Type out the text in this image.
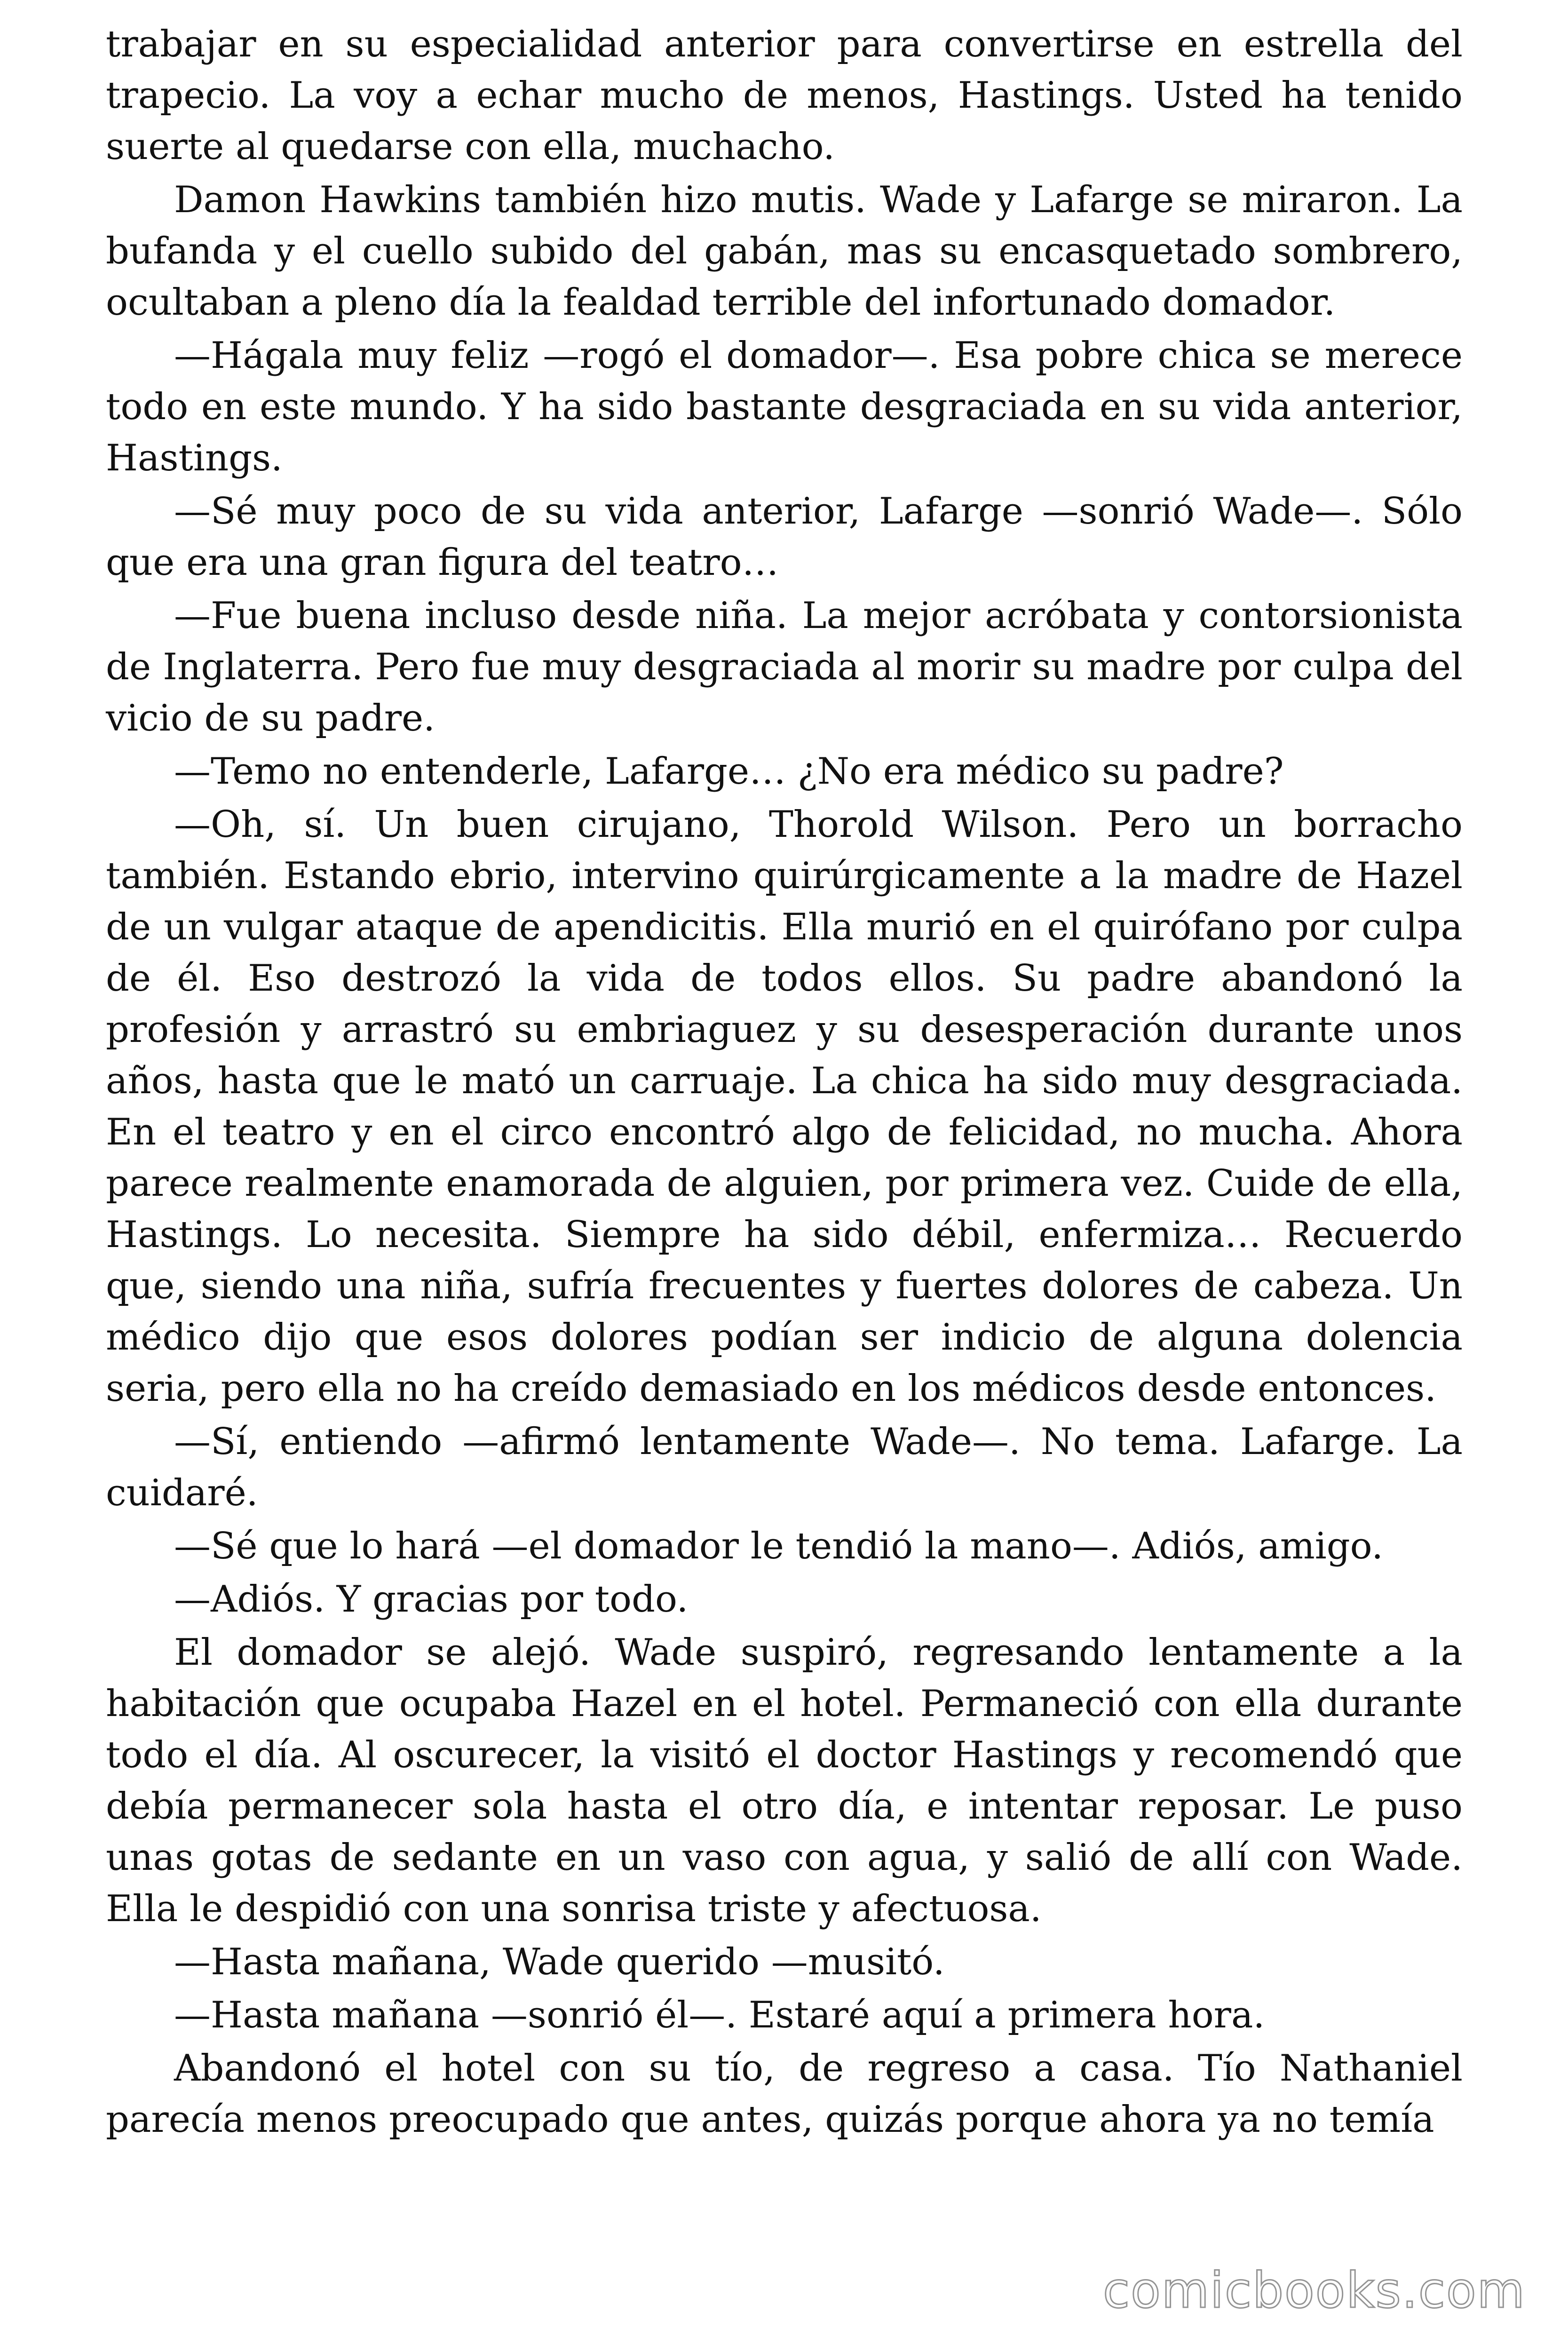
trabajar en su especialidad anterior para convertirse en estrella del trapecio. La voy a echar mucho de menos, Hastings. Usted ha tenido suerte al quedarse con ella, muchacho.

Damon Hawkins también hizo mutis. Wade y Lafarge se miraron. La bufanda y el cuello subido del gabán, mas su encasquetado sombrero, ocultaban a pleno día la fealdad terrible del infortunado domador.

—Hágala muy feliz —rogó el domador—. Esa pobre chica se merece todo en este mundo. Y ha sido bastante desgraciada en su vida anterior, Hastings.

—Sé muy poco de su vida anterior, Lafarge —sonrió Wade—. Sólo que era una gran figura del teatro…

—Fue buena incluso desde niña. La mejor acróbata y contorsionista de Inglaterra. Pero fue muy desgraciada al morir su madre por culpa del vicio de su padre.

—Temo no entenderle, Lafarge… ¿No era médico su padre?

—Oh, sí. Un buen cirujano, Thorold Wilson. Pero un borracho también. Estando ebrio, intervino quirúrgicamente a la madre de Hazel de un vulgar ataque de apendicitis. Ella murió en el quirófano por culpa de él. Eso destrozó la vida de todos ellos. Su padre abandonó la profesión y arrastró su embriaguez y su desesperación durante unos años, hasta que le mató un carruaje. La chica ha sido muy desgraciada. En el teatro y en el circo encontró algo de felicidad, no mucha. Ahora parece realmente enamorada de alguien, por primera vez. Cuide de ella, Hastings. Lo necesita. Siempre ha sido débil, enfermiza… Recuerdo que, siendo una niña, sufría frecuentes y fuertes dolores de cabeza. Un médico dijo que esos dolores podían ser indicio de alguna dolencia seria, pero ella no ha creído demasiado en los médicos desde entonces.

—Sí, entiendo —afirmó lentamente Wade—. No tema. Lafarge. La cuidaré.

—Sé que lo hará —el domador le tendió la mano—. Adiós, amigo.

—Adiós. Y gracias por todo.

El domador se alejó. Wade suspiró, regresando lentamente a la habitación que ocupaba Hazel en el hotel. Permaneció con ella durante todo el día. Al oscurecer, la visitó el doctor Hastings y recomendó que debía permanecer sola hasta el otro día, e intentar reposar. Le puso unas gotas de sedante en un vaso con agua, y salió de allí con Wade. Ella le despidió con una sonrisa triste y afectuosa.

—Hasta mañana, Wade querido —musitó.

—Hasta mañana —sonrió él—. Estaré aquí a primera hora.

Abandonó el hotel con su tío, de regreso a casa. Tío Nathaniel parecía menos preocupado que antes, quizás porque ahora ya no temía

comicbooks.com
